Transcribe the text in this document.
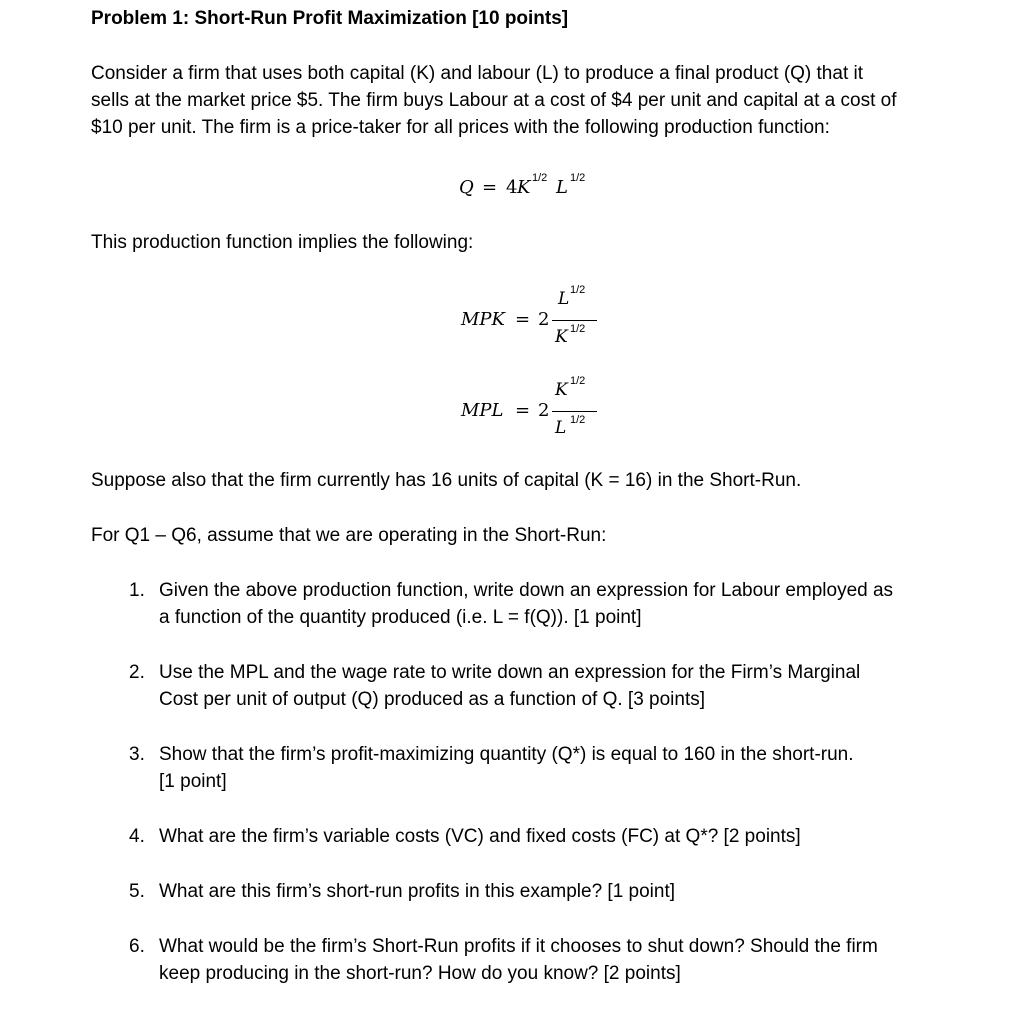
Problem 1: Short-Run Profit Maximization [10 points]
Consider a firm that uses both capital (K) and labour (L) to produce a final product (Q) that it
sells at the market price $5. The firm buys Labour at a cost of $4 per unit and capital at a cost of
$10 per unit. The firm is a price-taker for all prices with the following production function:
Q = 4 K 1/2 L 1/2
This production function implies the following:
MPK = 2
L 1/2
K 1/2
MPL = 2
K 1/2
L 1/2
Suppose also that the firm currently has 16 units of capital (K = 16) in the Short-Run.
For Q1 – Q6, assume that we are operating in the Short-Run:
1. Given the above production function, write down an expression for Labour employed as
a function of the quantity produced (i.e. L = f(Q)). [1 point]
2. Use the MPL and the wage rate to write down an expression for the Firm’s Marginal
Cost per unit of output (Q) produced as a function of Q. [3 points]
3. Show that the firm’s profit-maximizing quantity (Q*) is equal to 160 in the short-run.
[1 point]
4. What are the firm’s variable costs (VC) and fixed costs (FC) at Q*? [2 points]
5. What are this firm’s short-run profits in this example? [1 point]
6. What would be the firm’s Short-Run profits if it chooses to shut down? Should the firm
keep producing in the short-run? How do you know? [2 points]
